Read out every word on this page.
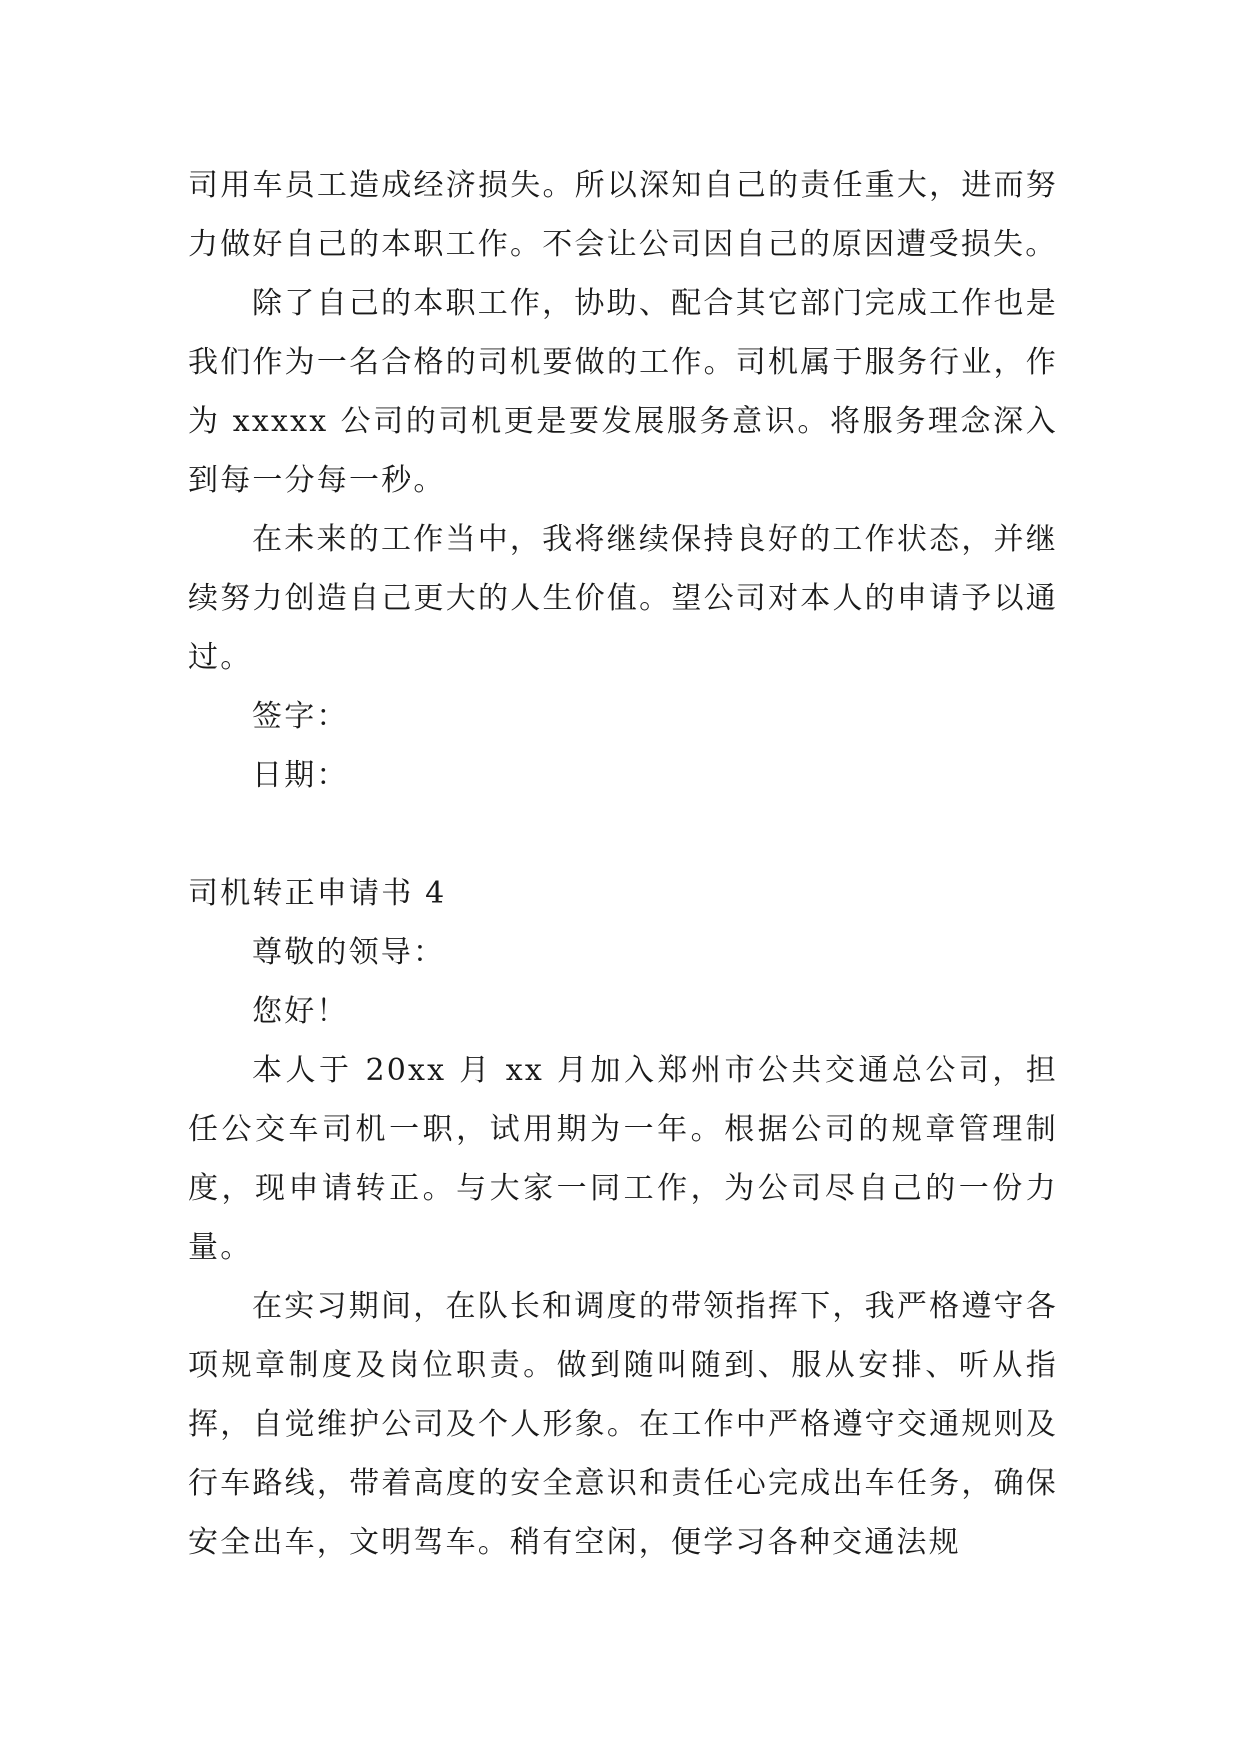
司用车员工造成经济损失。所以深知自己的责任重大，进而努力做好自己的本职工作。不会让公司因自己的原因遭受损失。

除了自己的本职工作，协助、配合其它部门完成工作也是我们作为一名合格的司机要做的工作。司机属于服务行业，作为 xxxxx 公司的司机更是要发展服务意识。将服务理念深入到每一分每一秒。

在未来的工作当中，我将继续保持良好的工作状态，并继续努力创造自己更大的人生价值。望公司对本人的申请予以通过。

签字：

日期：

司机转正申请书 4

尊敬的领导：

您好！

本人于 20xx 月 xx 月加入郑州市公共交通总公司，担任公交车司机一职，试用期为一年。根据公司的规章管理制度，现申请转正。与大家一同工作，为公司尽自己的一份力量。

在实习期间，在队长和调度的带领指挥下，我严格遵守各项规章制度及岗位职责。做到随叫随到、服从安排、听从指挥，自觉维护公司及个人形象。在工作中严格遵守交通规则及行车路线，带着高度的安全意识和责任心完成出车任务，确保安全出车，文明驾车。稍有空闲，便学习各种交通法规
